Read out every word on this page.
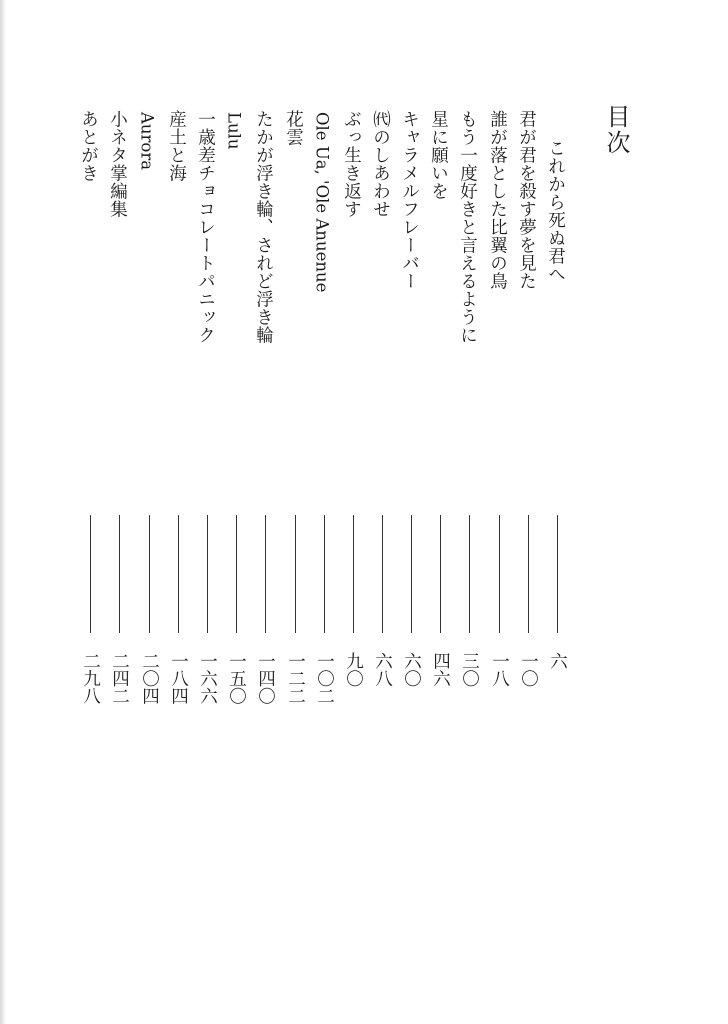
目次
これから死ぬ君へ
君が君を殺す夢を見た
誰が落とした比翼の鳥
もう一度好きと言えるように
星に願いを
キャラメルフレーバー
㈹のしあわせ
ぶっ生き返す
Ole Ua, 'Ole Anuenue
花雲
たかが浮き輪、されど浮き輪
Lulu
一歳差チョコレートパニック
産土と海
Aurora
小ネタ掌編集
あとがき
六
一〇
一八
三〇
四六
六〇
六八
九〇
一〇二
一二二
一四〇
一五〇
一六六
一八四
二〇四
二四二
二九八
